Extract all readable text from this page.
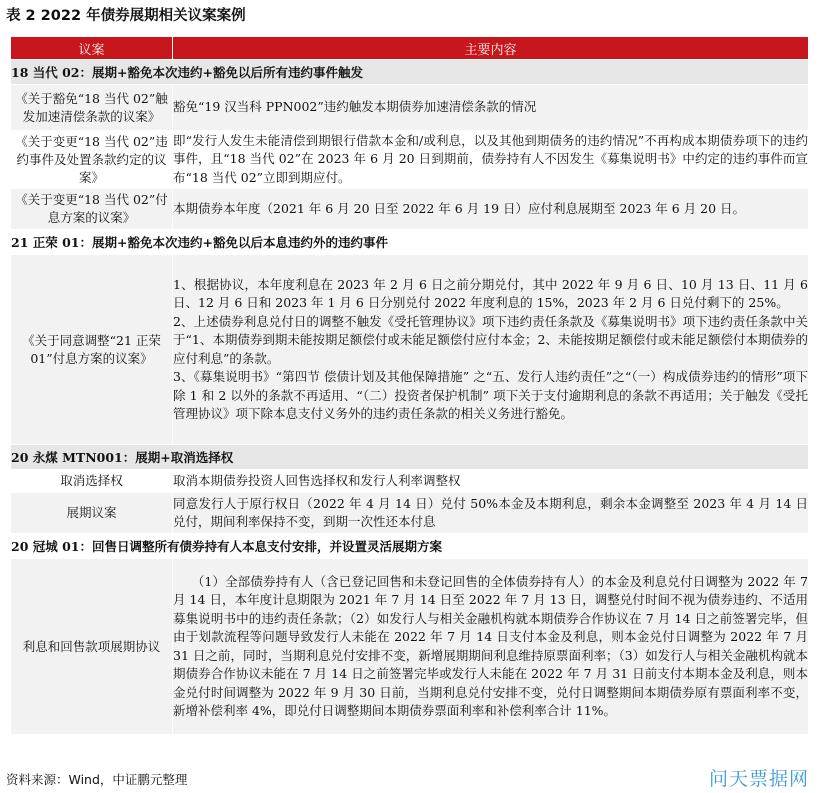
表 2 2022 年债券展期相关议案案例
议案	主要内容
18 当代 02：展期+豁免本次违约+豁免以后所有违约事件触发	
《关于豁免“18 当代 02”触发加速清偿条款的议案》	豁免“19 汉当科 PPN002”违约触发本期债券加速清偿条款的情况
《关于变更“18 当代 02”违约事件及处置条款约定的议案》	即“发行人发生未能清偿到期银行借款本金和/或利息，以及其他到期债务的违约情况”不再构成本期债券项下的违约事件，且“18 当代 02”在 2023 年 6 月 20 日到期前，债券持有人不因发生《募集说明书》中约定的违约事件而宣布“18 当代 02”立即到期应付。
《关于变更“18 当代 02”付息方案的议案》	本期债券本年度（2021 年 6 月 20 日至 2022 年 6 月 19 日）应付利息展期至 2023 年 6 月 20 日。
21 正荣 01：展期+豁免本次违约+豁免以后本息违约外的违约事件	
《关于同意调整“21 正荣 01”付息方案的议案》	1、根据协议，本年度利息在 2023 年 2 月 6 日之前分期兑付，其中 2022 年 9 月 6 日、10 月 13 日、11 月 6 日、12 月 6 日和 2023 年 1 月 6 日分别兑付 2022 年度利息的 15%，2023 年 2 月 6 日兑付剩下的 25%。
2、上述债券利息兑付日的调整不触发《受托管理协议》项下违约责任条款及《募集说明书》项下违约责任条款中关于“1、本期债券到期未能按期足额偿付或未能足额偿付应付本金；2、未能按期足额偿付或未能足额偿付本期债券的应付利息”的条款。
3、《募集说明书》“第四节 偿债计划及其他保障措施” 之“五、发行人违约责任”之“（一）构成债券违约的情形”项下除 1 和 2 以外的条款不再适用、“（二）投资者保护机制” 项下关于支付逾期利息的条款不再适用；关于触发《受托管理协议》项下除本息支付义务外的违约责任条款的相关义务进行豁免。

20 永煤 MTN001：展期+取消选择权	
取消选择权	取消本期债券投资人回售选择权和发行人利率调整权
展期议案	同意发行人于原行权日（2022 年 4 月 14 日）兑付 50%本金及本期利息，剩余本金调整至 2023 年 4 月 14 日兑付，期间利率保持不变，到期一次性还本付息
20 冠城 01：回售日调整所有债券持有人本息支付安排，并设置灵活展期方案	
利息和回售款项展期协议	（1）全部债券持有人（含已登记回售和未登记回售的全体债券持有人）的本金及利息兑付日调整为 2022 年 7 月 14 日，本年度计息期限为 2021 年 7 月 14 日至 2022 年 7 月 13 日，调整兑付时间不视为债券违约、不适用募集说明书中的违约责任条款；（2）如发行人与相关金融机构就本期债券合作协议在 7 月 14 日之前签署完毕，但由于划款流程等问题导致发行人未能在 2022 年 7 月 14 日支付本金及利息，则本金兑付日调整为 2022 年 7 月 31 日之前，同时，当期利息兑付安排不变，新增展期期间利息维持原票面利率；（3）如发行人与相关金融机构就本期债券合作协议未能在 7 月 14 日之前签署完毕或发行人未能在 2022 年 7 月 31 日前支付本期本金及利息，则本金兑付时间调整为 2022 年 9 月 30 日前，当期利息兑付安排不变，兑付日调整期间本期债券原有票面利率不变，新增补偿利率 4%，即兑付日调整期间本期债券票面利率和补偿利率合计 11%。
资料来源：Wind，中证鹏元整理	问天票据网
